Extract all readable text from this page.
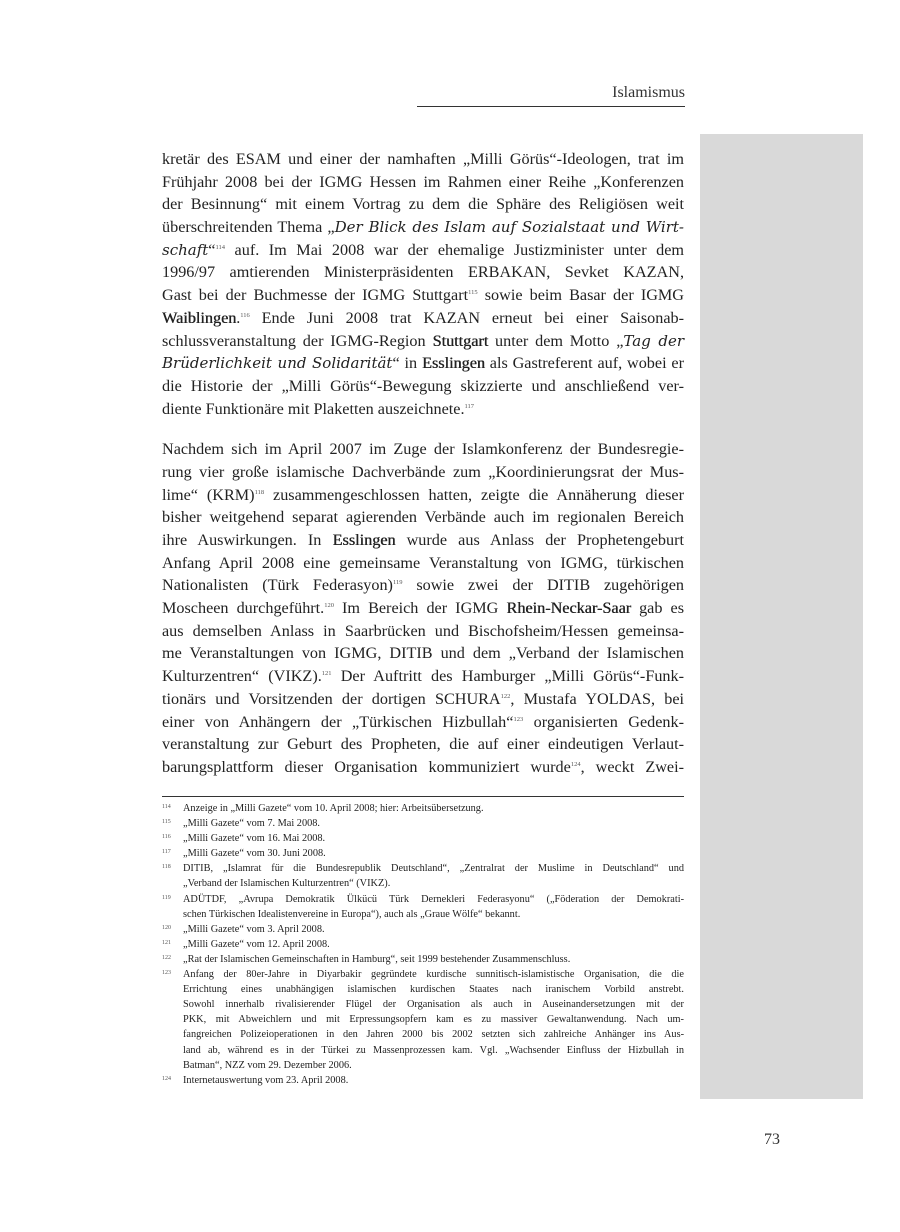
Islamismus
kretär des ESAM und einer der namhaften „Milli Görüs“-Ideologen, trat im
Frühjahr 2008 bei der IGMG Hessen im Rahmen einer Reihe „Konferenzen
der Besinnung“ mit einem Vortrag zu dem die Sphäre des Religiösen weit
überschreitenden Thema „Der Blick des Islam auf Sozialstaat und Wirt-
schaft“$^{114}$ auf. Im Mai 2008 war der ehemalige Justizminister unter dem
1996/97 amtierenden Ministerpräsidenten ERBAKAN, Sevket KAZAN,
Gast bei der Buchmesse der IGMG Stuttgart$^{115}$ sowie beim Basar der IGMG
Waiblingen.$^{116}$ Ende Juni 2008 trat KAZAN erneut bei einer Saisonab-
schlussveranstaltung der IGMG-Region Stuttgart unter dem Motto „Tag der
Brüderlichkeit und Solidarität“ in Esslingen als Gastreferent auf, wobei er
die Historie der „Milli Görüs“-Bewegung skizzierte und anschließend ver-
diente Funktionäre mit Plaketten auszeichnete.$^{117}$
Nachdem sich im April 2007 im Zuge der Islamkonferenz der Bundesregie-
rung vier große islamische Dachverbände zum „Koordinierungsrat der Mus-
lime“ (KRM)$^{118}$ zusammengeschlossen hatten, zeigte die Annäherung dieser
bisher weitgehend separat agierenden Verbände auch im regionalen Bereich
ihre Auswirkungen. In Esslingen wurde aus Anlass der Prophetengeburt
Anfang April 2008 eine gemeinsame Veranstaltung von IGMG, türkischen
Nationalisten (Türk Federasyon)$^{119}$ sowie zwei der DITIB zugehörigen
Moscheen durchgeführt.$^{120}$ Im Bereich der IGMG Rhein-Neckar-Saar gab es
aus demselben Anlass in Saarbrücken und Bischofsheim/Hessen gemeinsa-
me Veranstaltungen von IGMG, DITIB und dem „Verband der Islamischen
Kulturzentren“ (VIKZ).$^{121}$ Der Auftritt des Hamburger „Milli Görüs“-Funk-
tionärs und Vorsitzenden der dortigen SCHURA$^{122}$, Mustafa YOLDAS, bei
einer von Anhängern der „Türkischen Hizbullah“$^{123}$ organisierten Gedenk-
veranstaltung zur Geburt des Propheten, die auf einer eindeutigen Verlaut-
barungsplattform dieser Organisation kommuniziert wurde$^{124}$, weckt Zwei-
114	Anzeige in „Milli Gazete“ vom 10. April 2008; hier: Arbeitsübersetzung.
115	„Milli Gazete“ vom 7. Mai 2008.
116	„Milli Gazete“ vom 16. Mai 2008.
117	„Milli Gazete“ vom 30. Juni 2008.
118	DITIB, „Islamrat für die Bundesrepublik Deutschland“, „Zentralrat der Muslime in Deutschland“ und
„Verband der Islamischen Kulturzentren“ (VIKZ).
119	ADÜTDF, „Avrupa Demokratik Ülkücü Türk Dernekleri Federasyonu“ („Föderation der Demokrati-
schen Türkischen Idealistenvereine in Europa“), auch als „Graue Wölfe“ bekannt.
120	„Milli Gazete“ vom 3. April 2008.
121	„Milli Gazete“ vom 12. April 2008.
122	„Rat der Islamischen Gemeinschaften in Hamburg“, seit 1999 bestehender Zusammenschluss.
123	Anfang der 80er-Jahre in Diyarbakir gegründete kurdische sunnitisch-islamistische Organisation, die die
Errichtung eines unabhängigen islamischen kurdischen Staates nach iranischem Vorbild anstrebt.
Sowohl innerhalb rivalisierender Flügel der Organisation als auch in Auseinandersetzungen mit der
PKK, mit Abweichlern und mit Erpressungsopfern kam es zu massiver Gewaltanwendung. Nach um-
fangreichen Polizeioperationen in den Jahren 2000 bis 2002 setzten sich zahlreiche Anhänger ins Aus-
land ab, während es in der Türkei zu Massenprozessen kam. Vgl. „Wachsender Einfluss der Hizbullah in
Batman“, NZZ vom 29. Dezember 2006.
124	Internetauswertung vom 23. April 2008.
73
